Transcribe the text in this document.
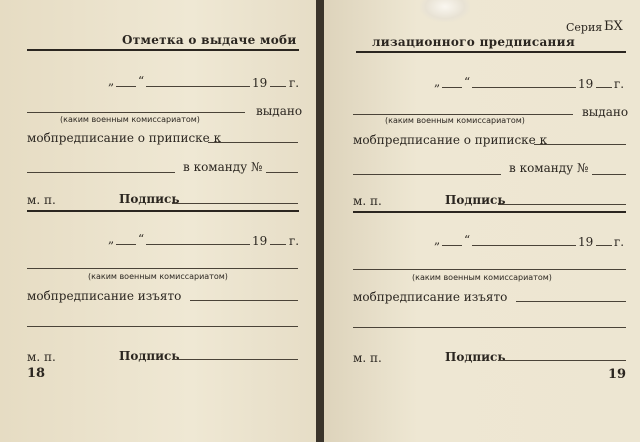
Отметка о выдаче моби
„ “	19 г.
выдано
(каким военным комиссариатом)
мобпредписание о приписке к
в команду №
м. п.	Подпись
„ “	19 г.
(каким военным комиссариатом)
мобпредписание изъято
м. п.	Подпись
18
Серия БХ
лизационного предписания
„ “	19 г.
выдано
(каким военным комиссариатом)
мобпредписание о приписке к
в команду №
м. п.	Подпись
„ “	19 г.
(каким военным комиссариатом)
мобпредписание изъято
м. п.	Подпись
19
